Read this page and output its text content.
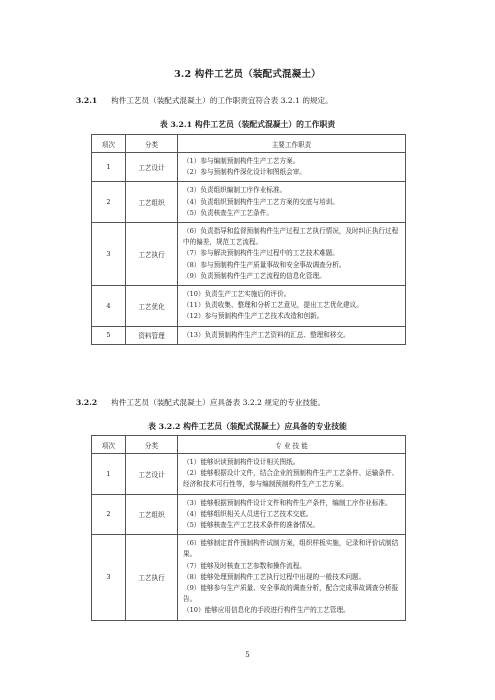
3.2 构件工艺员（装配式混凝土）
3.2.1 构件工艺员（装配式混凝土）的工作职责宜符合表 3.2.1 的规定。
表 3.2.1 构件工艺员（装配式混凝土）的工作职责
项次	分类	主要工作职责
1	工艺设计	（1）参与编制预制构件生产工艺方案。
（2）参与预制构件深化设计和图纸会审。

2	工艺组织	（3）负责组织编制工序作业标准。
（4）负责组织预制构件生产工艺方案的交底与培训。
（5）负责核查生产工艺条件。

3	工艺执行	（6）负责指导和监督预制构件生产过程工艺执行情况，及时纠正执行过程中的偏差，规范工艺流程。
（7）参与解决预制构件生产过程中的工艺技术难题。
（8）参与预制构件生产质量事故和安全事故调查分析。
（9）负责预制构件生产工艺流程的信息化管理。

4	工艺优化	（10）负责生产工艺实施后的评价。
（11）负责收集、整理和分析工艺意见，提出工艺优化建议。
（12）参与预制构件生产工艺技术改造和创新。

5	资料管理	（13）负责预制构件生产工艺资料的汇总、整理和移交。
3.2.2 构件工艺员（装配式混凝土）应具备表 3.2.2 规定的专业技能。
表 3.2.2 构件工艺员（装配式混凝土）应具备的专业技能
项次	分类	专 业 技 能
1	工艺设计	（1）能够识读预制构件设计相关图纸。
（2）能够根据设计文件，结合企业的预制构件生产工艺条件、运输条件、经济和技术可行性等，参与编制预制构件生产工艺方案。

2	工艺组织	（3）能够根据预制构件设计文件和构件生产条件，编制工序作业标准。
（4）能够组织相关人员进行工艺技术交底。
（5）能够核查生产工艺技术条件的准备情况。

3	工艺执行	（6）能够制定首件预制构件试制方案，组织样板实施，记录和评价试制结果。
（7）能够及时核查工艺参数和操作流程。
（8）能够处理预制构件工艺执行过程中出现的一般技术问题。
（9）能够参与生产质量、安全事故的调查分析，配合完成事故调查分析报告。
（10）能够应用信息化的手段进行构件生产的工艺管理。
5
